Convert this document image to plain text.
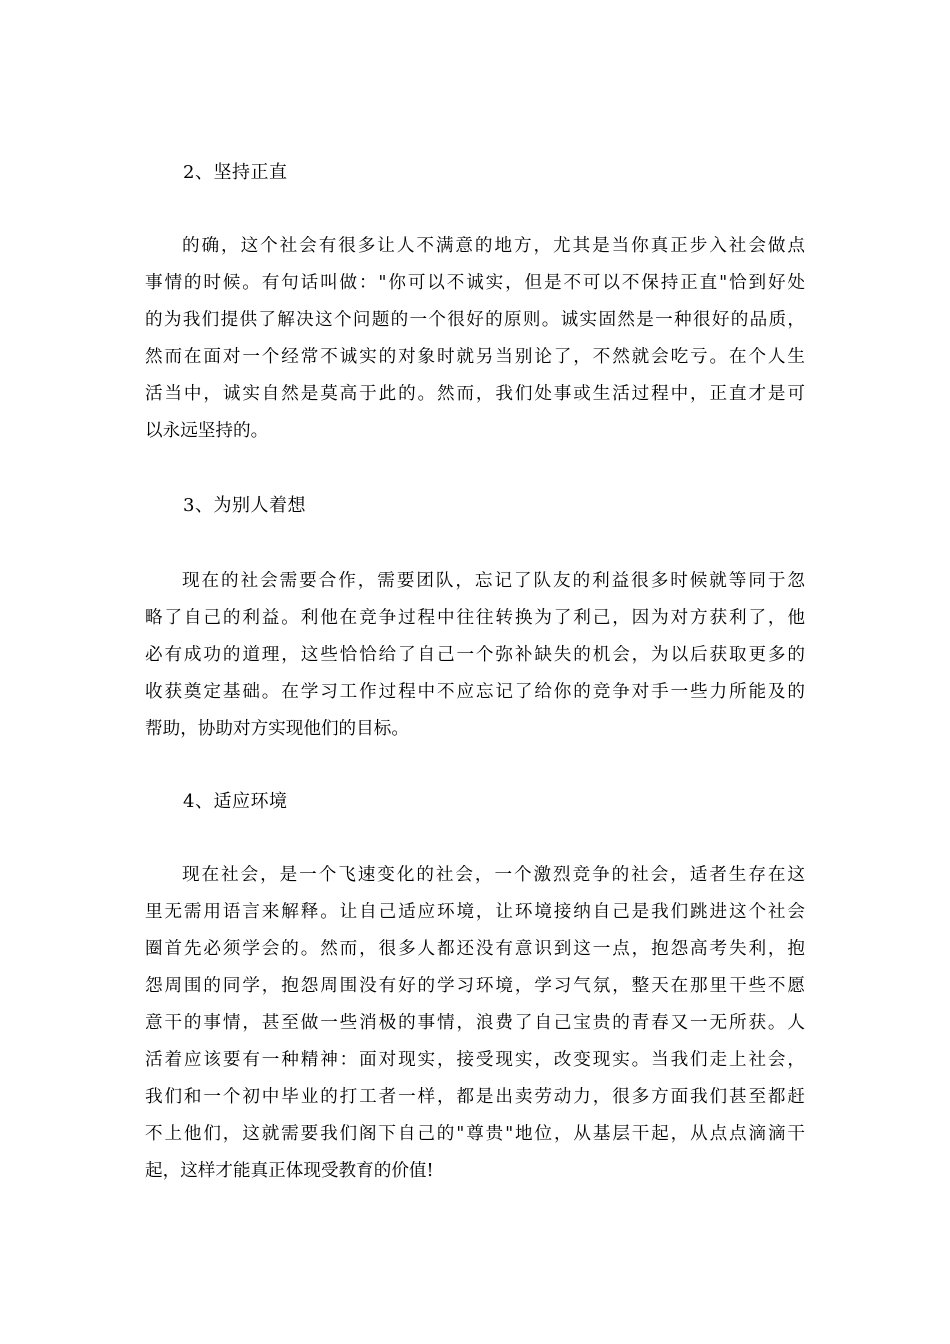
2、坚持正直
的确，这个社会有很多让人不满意的地方，尤其是当你真正步入社会做点
事情的时候。有句话叫做："你可以不诚实，但是不可以不保持正直"恰到好处
的为我们提供了解决这个问题的一个很好的原则。诚实固然是一种很好的品质，
然而在面对一个经常不诚实的对象时就另当别论了，不然就会吃亏。在个人生
活当中，诚实自然是莫高于此的。然而，我们处事或生活过程中，正直才是可
以永远坚持的。
3、为别人着想
现在的社会需要合作，需要团队，忘记了队友的利益很多时候就等同于忽
略了自己的利益。利他在竞争过程中往往转换为了利己，因为对方获利了，他
必有成功的道理，这些恰恰给了自己一个弥补缺失的机会，为以后获取更多的
收获奠定基础。在学习工作过程中不应忘记了给你的竞争对手一些力所能及的
帮助，协助对方实现他们的目标。
4、适应环境
现在社会，是一个飞速变化的社会，一个激烈竞争的社会，适者生存在这
里无需用语言来解释。让自己适应环境，让环境接纳自己是我们跳进这个社会
圈首先必须学会的。然而，很多人都还没有意识到这一点，抱怨高考失利，抱
怨周围的同学，抱怨周围没有好的学习环境，学习气氛，整天在那里干些不愿
意干的事情，甚至做一些消极的事情，浪费了自己宝贵的青春又一无所获。人
活着应该要有一种精神：面对现实，接受现实，改变现实。当我们走上社会，
我们和一个初中毕业的打工者一样，都是出卖劳动力，很多方面我们甚至都赶
不上他们，这就需要我们阁下自己的"尊贵"地位，从基层干起，从点点滴滴干
起，这样才能真正体现受教育的价值!
